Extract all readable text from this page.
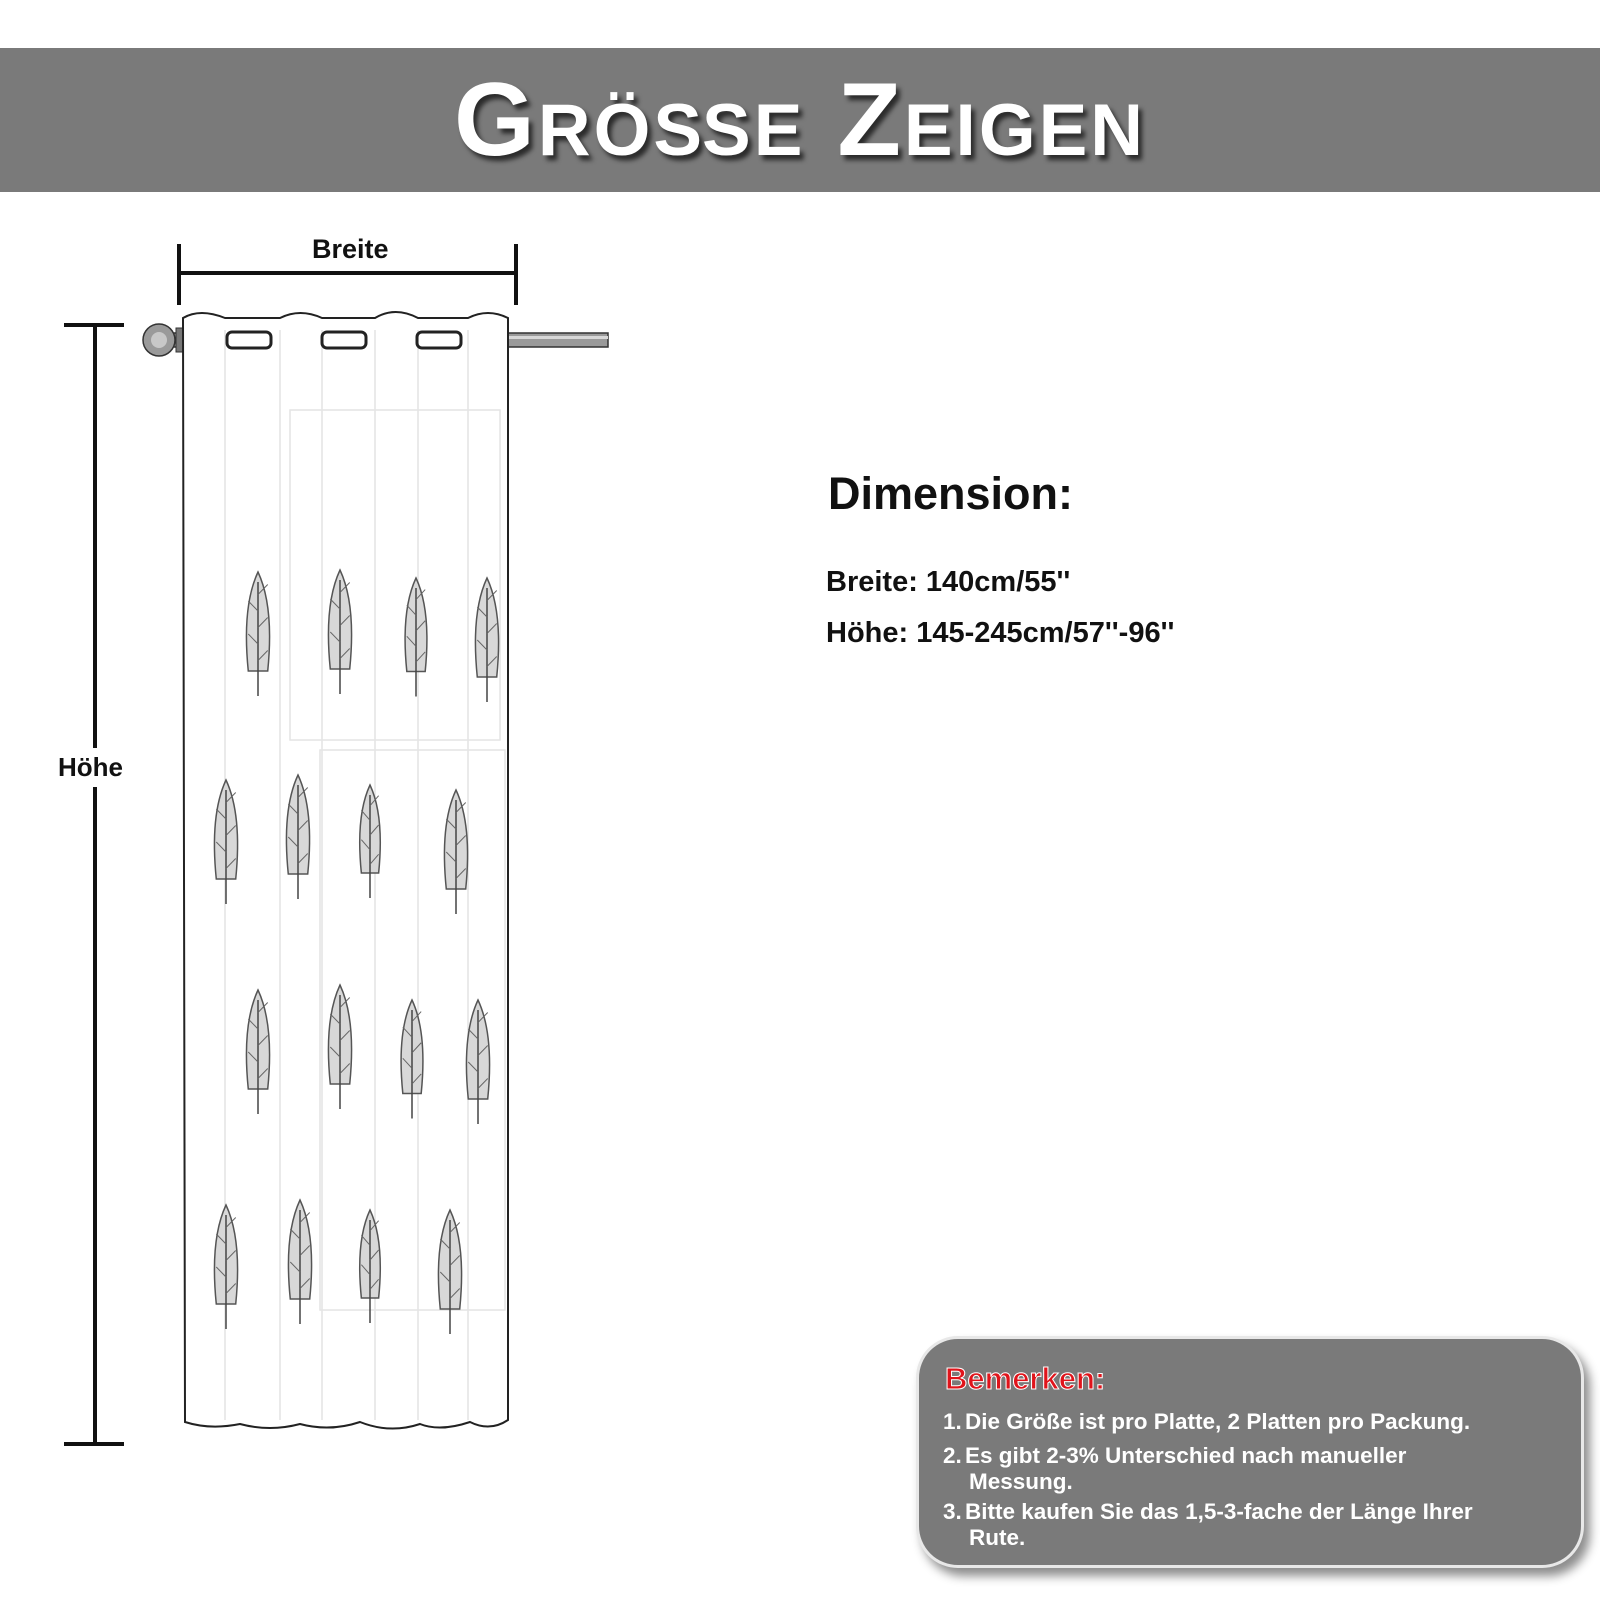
Größe Zeigen
Breite
Höhe
Dimension:
Breite: 140cm/55''
Höhe: 145-245cm/57''-96''
Bemerken:
1. Die Größe ist pro Platte, 2 Platten pro Packung.
2. Es gibt 2-3% Unterschied nach manueller
Messung.
3. Bitte kaufen Sie das 1,5-3-fache der Länge Ihrer
Rute.
